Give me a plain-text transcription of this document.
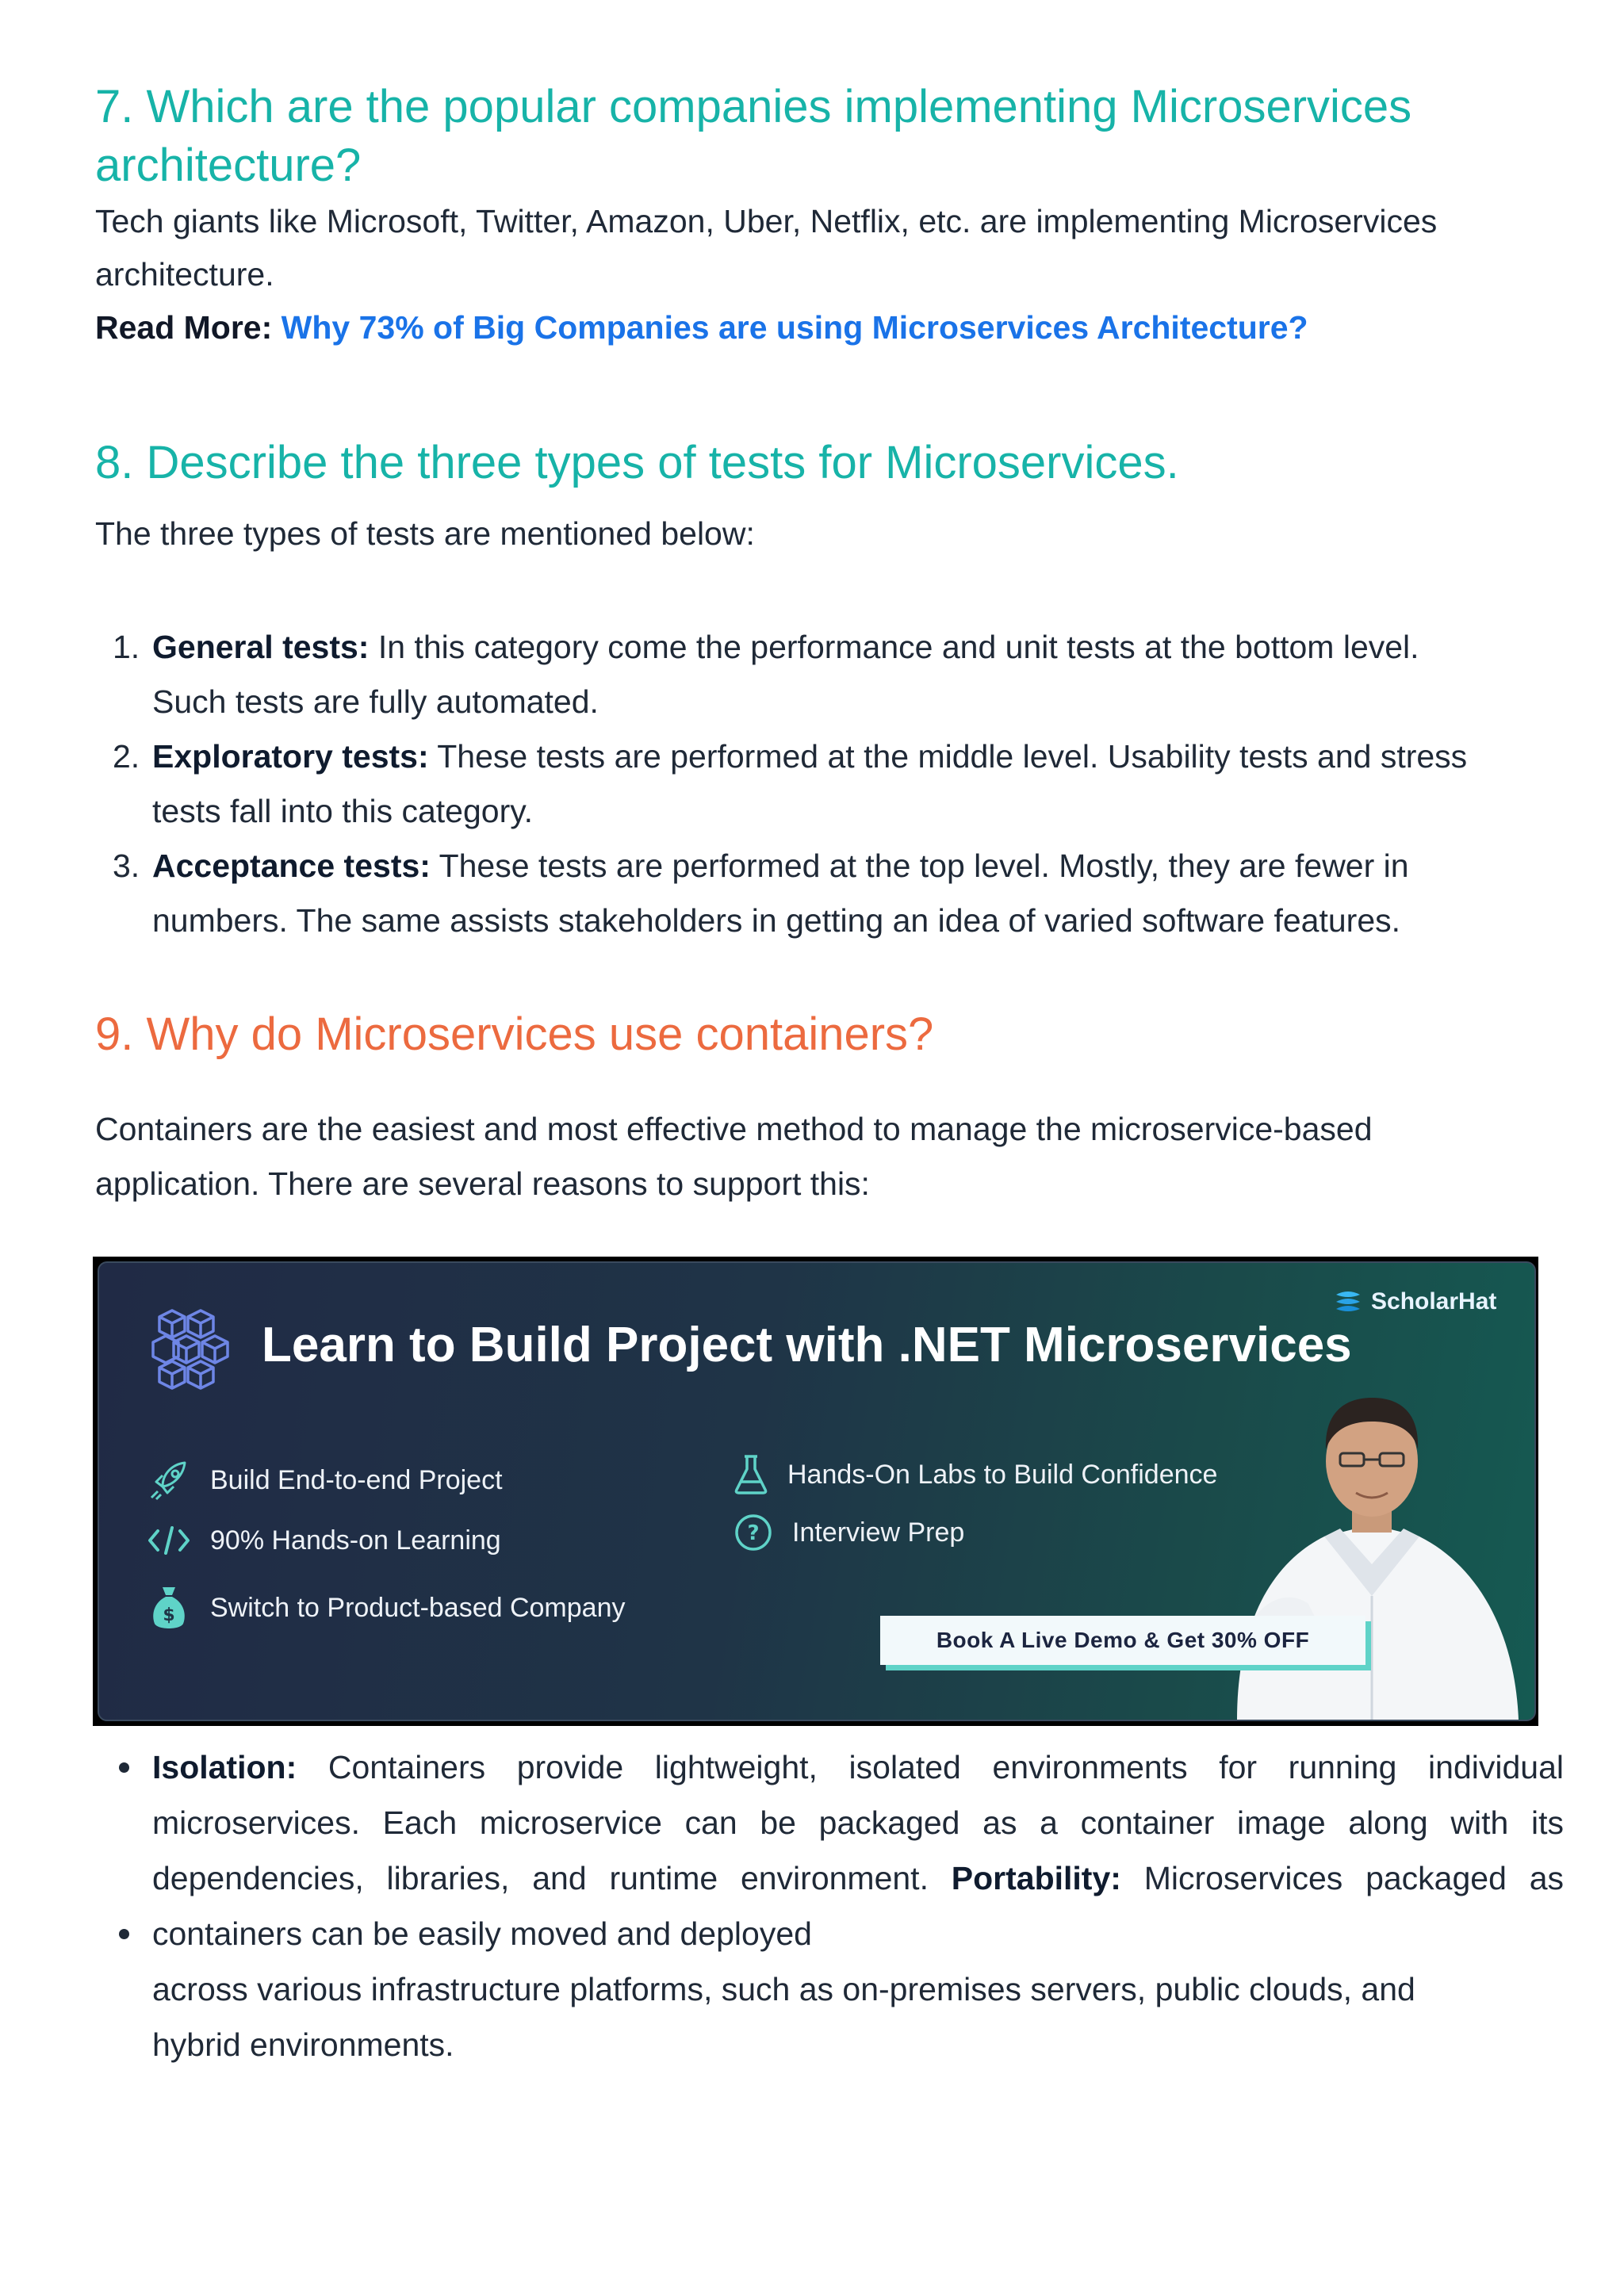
7. Which are the popular companies implementing Microservices
architecture?

Tech giants like Microsoft, Twitter, Amazon, Uber, Netflix, etc. are implementing Microservices

architecture.

Read More: Why 73% of Big Companies are using Microservices Architecture?

8. Describe the three types of tests for Microservices.

The three types of tests are mentioned below:

1. General tests: In this category come the performance and unit tests at the bottom level.
Such tests are fully automated.
2. Exploratory tests: These tests are performed at the middle level. Usability tests and stress
tests fall into this category.
3. Acceptance tests: These tests are performed at the top level. Mostly, they are fewer in
numbers. The same assists stakeholders in getting an idea of varied software features.
9. Why do Microservices use containers?

Containers are the easiest and most effective method to manage the microservice-based

application. There are several reasons to support this:

Learn to Build Project with .NET Microservices
ScholarHat
Build End-to-end Project
90% Hands-on Learning
$ Switch to Product-based Company
Hands-On Labs to Build Confidence
? Interview Prep
Book A Live Demo & Get 30% OFF
Isolation: Containers provide lightweight, isolated environments for running individual
microservices. Each microservice can be packaged as a container image along with its
dependencies, libraries, and runtime environment. Portability: Microservices packaged as
containers can be easily moved and deployed
across various infrastructure platforms, such as on-premises servers, public clouds, and
hybrid environments.
